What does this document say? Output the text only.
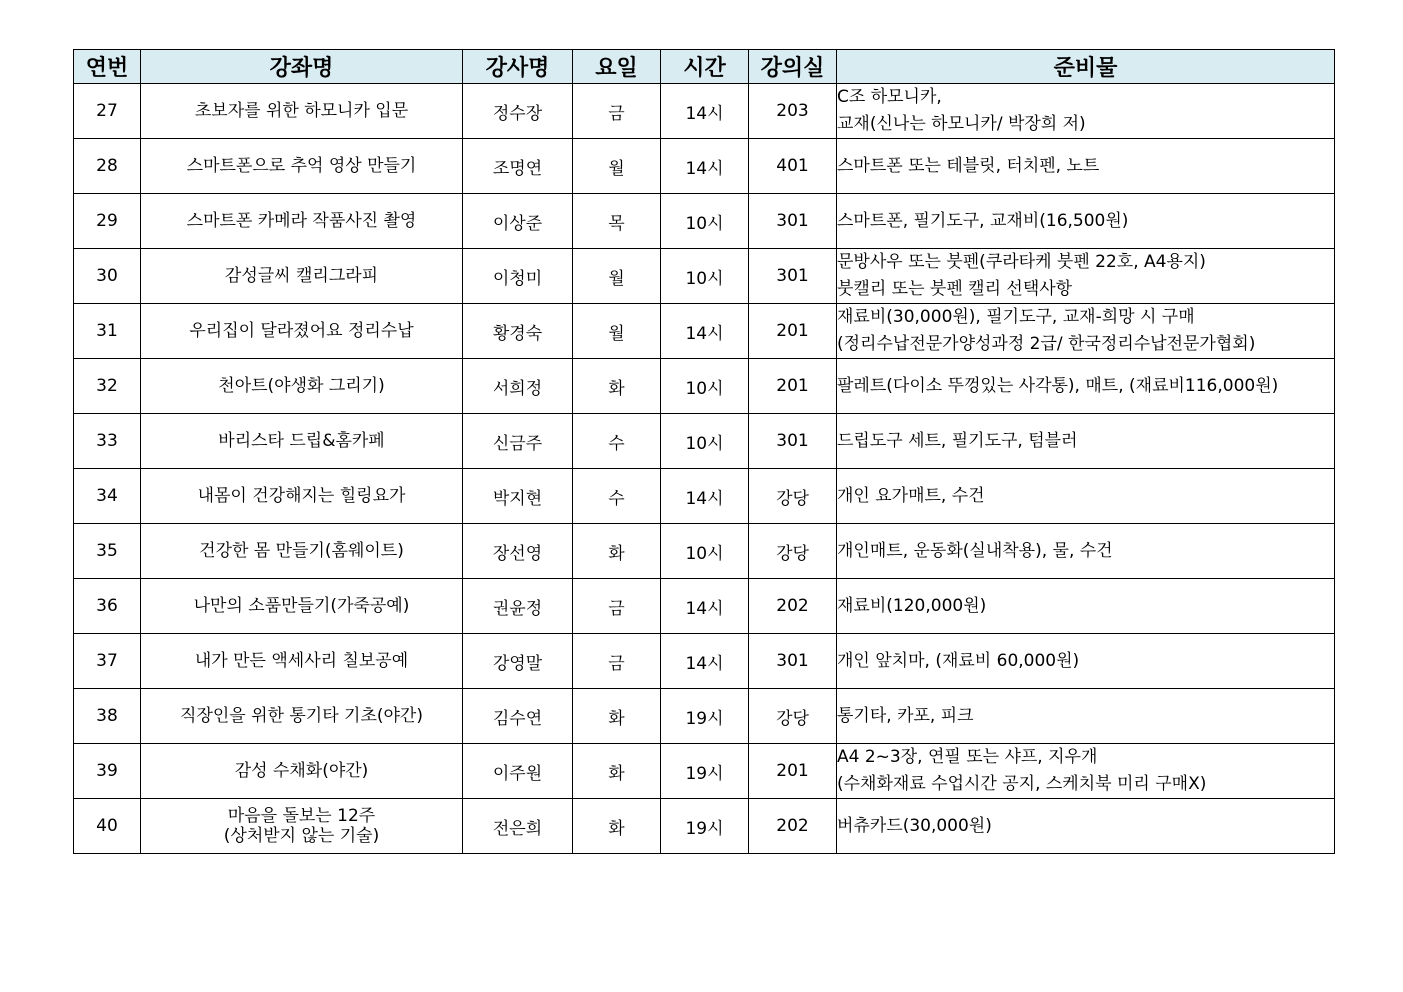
연번	강좌명	강사명	요일	시간	강의실	준비물
27	초보자를 위한 하모니카 입문	정수장	금	14시	203	C조 하모니카,
교재(신나는 하모니카/ 박장희 저)

28	스마트폰으로 추억 영상 만들기	조명연	월	14시	401	스마트폰 또는 테블릿, 터치펜, 노트

29	스마트폰 카메라 작품사진 촬영	이상준	목	10시	301	스마트폰, 필기도구, 교재비(16,500원)

30	감성글씨 캘리그라피	이청미	월	10시	301	문방사우 또는 붓펜(쿠라타케 붓펜 22호, A4용지)
붓캘리 또는 붓펜 캘리 선택사항

31	우리집이 달라졌어요 정리수납	황경숙	월	14시	201	재료비(30,000원), 필기도구, 교재-희망 시 구매
(정리수납전문가양성과정 2급/ 한국정리수납전문가협회)

32	천아트(야생화 그리기)	서희정	화	10시	201	팔레트(다이소 뚜껑있는 사각통), 매트, (재료비116,000원)

33	바리스타 드립&홈카페	신금주	수	10시	301	드립도구 세트, 필기도구, 텀블러

34	내몸이 건강해지는 힐링요가	박지현	수	14시	강당	개인 요가매트, 수건

35	건강한 몸 만들기(홈웨이트)	장선영	화	10시	강당	개인매트, 운동화(실내착용), 물, 수건

36	나만의 소품만들기(가죽공예)	권윤정	금	14시	202	재료비(120,000원)

37	내가 만든 액세사리 칠보공예	강영말	금	14시	301	개인 앞치마, (재료비 60,000원)

38	직장인을 위한 통기타 기초(야간)	김수연	화	19시	강당	통기타, 카포, 피크

39	감성 수채화(야간)	이주원	화	19시	201	A4 2~3장, 연필 또는 샤프, 지우개
(수채화재료 수업시간 공지, 스케치북 미리 구매X)

40	마음을 돌보는 12주
(상처받지 않는 기술)	전은희	화	19시	202	버츄카드(30,000원)
